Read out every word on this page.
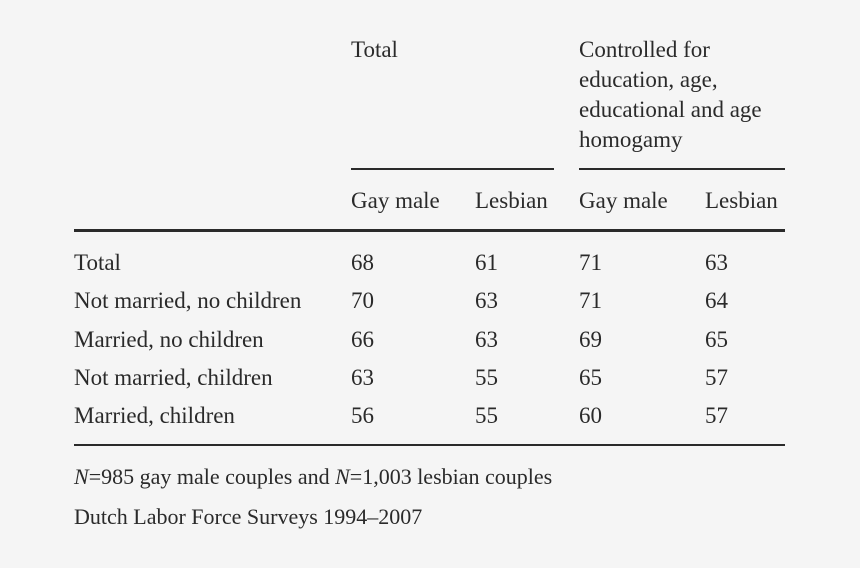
Total	Controlled for
education, age,
educational and age
homogamy
Gay male Lesbian Gay male Lesbian
Total	68	61	71	63
Not married, no children 70	63	71	64
Married, no children	66	63	69	65
Not married, children	63	55	65	57
Married, children	56	55	60	57
N=985 gay male couples and N=1,003 lesbian couples
Dutch Labor Force Surveys 1994–2007
